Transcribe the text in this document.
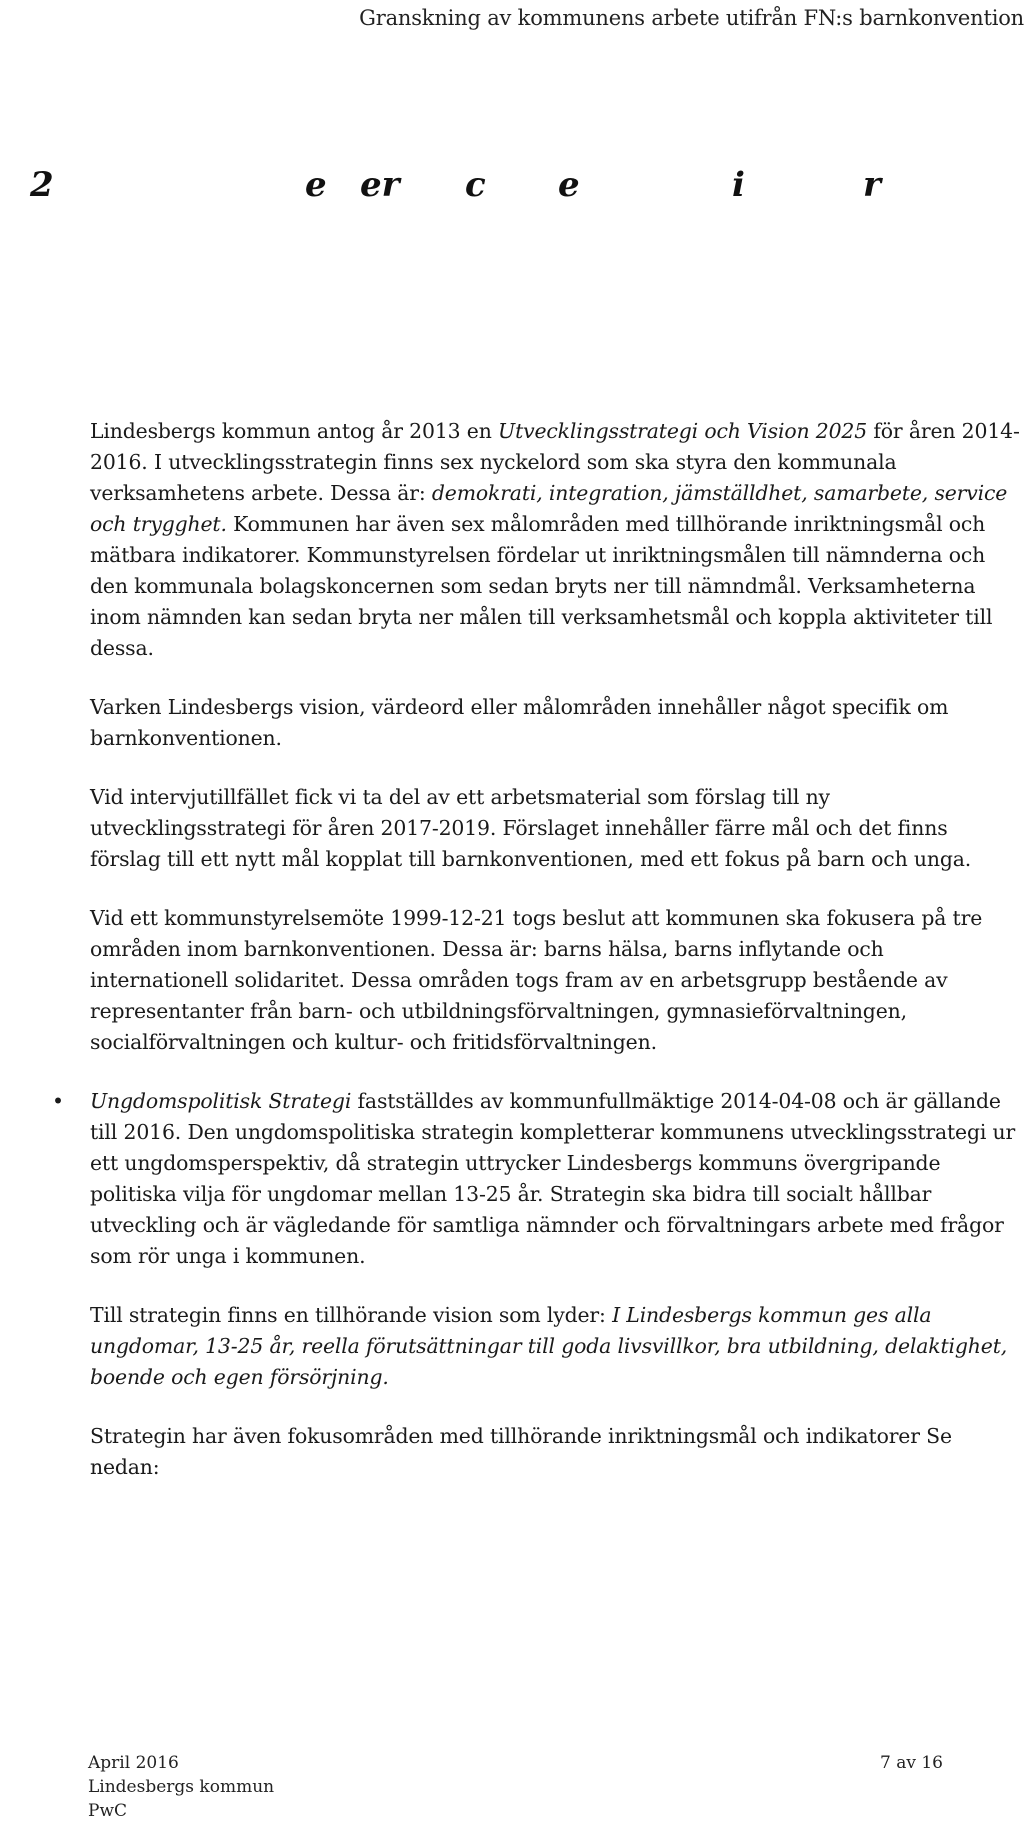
Granskning av kommunens arbete utifrån FN:s barnkonvention
2	e er c e	i	r

Lindesbergs kommun antog år 2013 en Utvecklingsstrategi och Vision 2025 för åren 2014-2016. I utvecklingsstrategin finns sex nyckelord som ska styra den kommunala verksamhetens arbete. Dessa är: demokrati, integration, jämställdhet, samarbete, service och trygghet. Kommunen har även sex målområden med tillhörande inriktningsmål och mätbara indikatorer. Kommunstyrelsen fördelar ut inriktningsmålen till nämnderna och den kommunala bolagskoncernen som sedan bryts ner till nämndmål. Verksamheterna inom nämnden kan sedan bryta ner målen till verksamhetsmål och koppla aktiviteter till dessa.

Varken Lindesbergs vision, värdeord eller målområden innehåller något specifik om barnkonventionen.

Vid intervjutillfället fick vi ta del av ett arbetsmaterial som förslag till ny utvecklingsstrategi för åren 2017-2019. Förslaget innehåller färre mål och det finns förslag till ett nytt mål kopplat till barnkonventionen, med ett fokus på barn och unga.

Vid ett kommunstyrelsemöte 1999-12-21 togs beslut att kommunen ska fokusera på tre områden inom barnkonventionen. Dessa är: barns hälsa, barns inflytande och internationell solidaritet. Dessa områden togs fram av en arbetsgrupp bestående av representanter från barn- och utbildningsförvaltningen, gymnasieförvaltningen, socialförvaltningen och kultur- och fritidsförvaltningen.

• Ungdomspolitisk Strategi fastställdes av kommunfullmäktige 2014-04-08 och är gällande till 2016. Den ungdomspolitiska strategin kompletterar kommunens utvecklingsstrategi ur ett ungdomsperspektiv, då strategin uttrycker Lindesbergs kommuns övergripande politiska vilja för ungdomar mellan 13-25 år. Strategin ska bidra till socialt hållbar utveckling och är vägledande för samtliga nämnder och förvaltningars arbete med frågor som rör unga i kommunen.

Till strategin finns en tillhörande vision som lyder: I Lindesbergs kommun ges alla ungdomar, 13-25 år, reella förutsättningar till goda livsvillkor, bra utbildning, delaktighet, boende och egen försörjning.

Strategin har även fokusområden med tillhörande inriktningsmål och indikatorer Se nedan:

April 2016
Lindesbergs kommun
PwC
7 av 16
